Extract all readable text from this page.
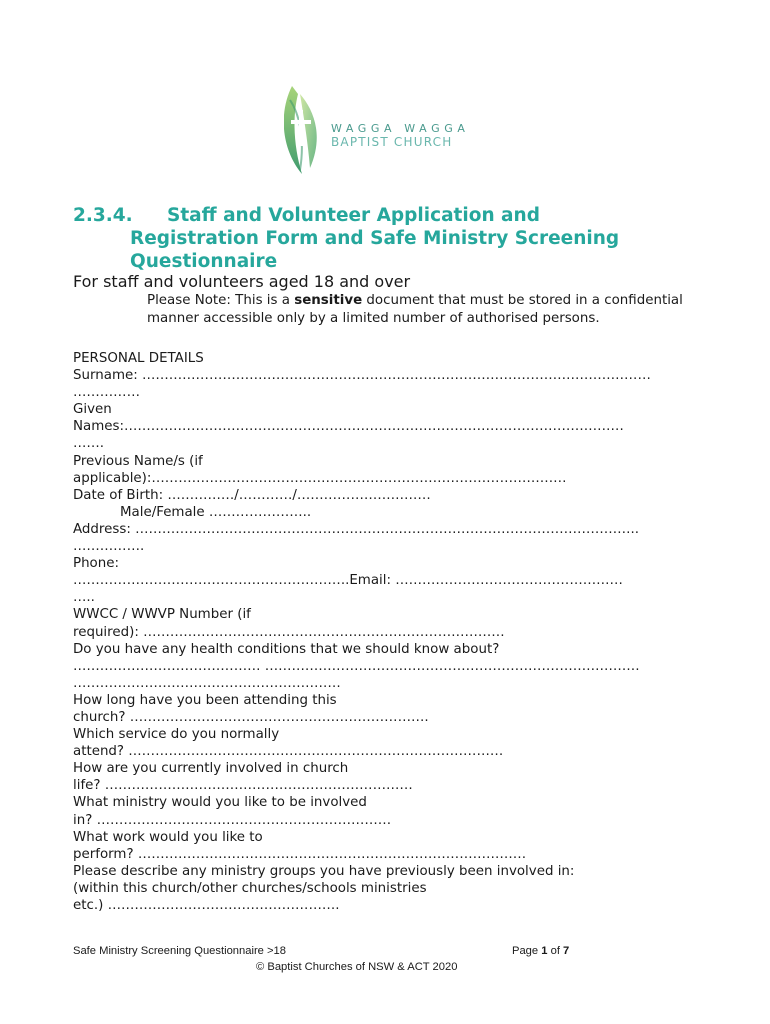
WAGGA WAGGA
BAPTIST CHURCH
2.3.4. Staff and Volunteer Application and
Registration Form and Safe Ministry Screening
Questionnaire
For staff and volunteers aged 18 and over
Please Note: This is a sensitive document that must be stored in a confidential manner accessible only by a limited number of authorised persons.
PERSONAL DETAILS
Surname: ……………………………………………………………………………………………………
……………
Given
Names:………………………………………………………………………………………………….
…….
Previous Name/s (if
applicable):…………………………………………………………………………………
Date of Birth: ……………/…………/…………………………
Male/Female …………………..
Address: …………………………………………………………………………………………………..
…………….
Phone:
……………………………………………………..Email: ……………………………………………
…..
WWCC / WWVP Number (if
required): ………………………………………………………………………
Do you have any health conditions that we should know about?
…………………………………… …………………………………………………………………………
……………………………………………………
How long have you been attending this
church? ………………………………………………………….
Which service do you normally
attend? …………………………………………………………………………
How are you currently involved in church
life? ……………………………………………………………
What ministry would you like to be involved
in? …………………………………………………………
What work would you like to
perform? ……………………………………………………………………………
Please describe any ministry groups you have previously been involved in:
(within this church/other churches/schools ministries
etc.) …………………………………………….
Safe Ministry Screening Questionnaire >18	Page 1 of 7
© Baptist Churches of NSW & ACT 2020
